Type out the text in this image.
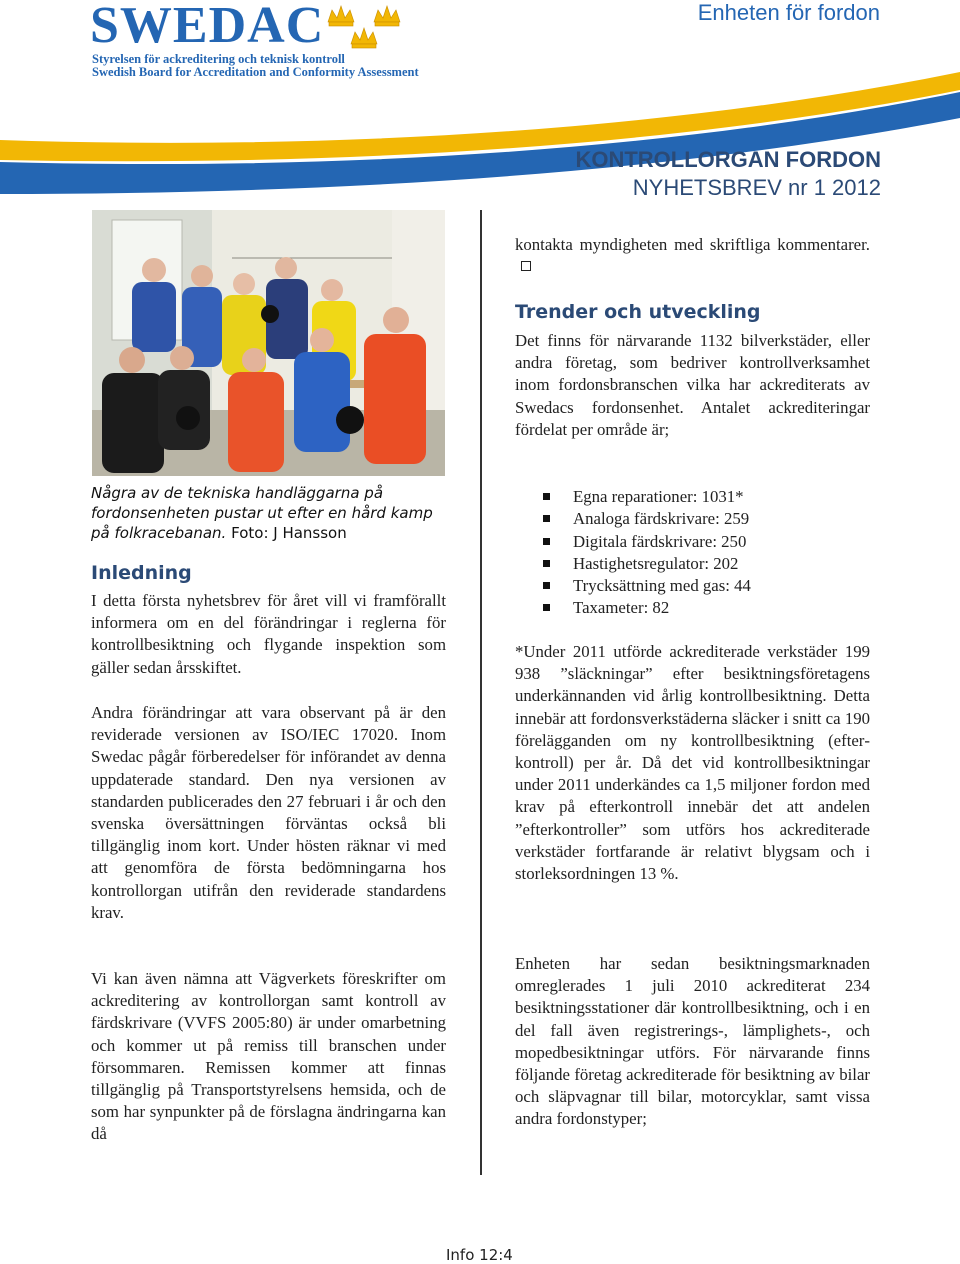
SWEDAC
Styrelsen för ackreditering och teknisk kontroll
Swedish Board for Accreditation and Conformity Assessment
Enheten för fordon
KONTROLLORGAN FORDON
NYHETSBREV nr 1 2012
Några av de tekniska handläggarna på fordonsenheten pustar ut efter en hård kamp på folkracebanan. Foto: J Hansson
Inledning

I detta första nyhetsbrev för året vill vi framförallt informera om en del förändringar i reglerna för kontrollbesiktning och flygande inspektion som gäller sedan årsskiftet.

Andra förändringar att vara observant på är den reviderade versionen av ISO/IEC 17020. Inom Swedac pågår förberedelser för införandet av denna uppdaterade standard. Den nya versionen av standarden publicerades den 27 februari i år och den svenska översättningen förväntas också bli tillgänglig inom kort. Under hösten räknar vi med att genomföra de första bedömningarna hos kontrollorgan utifrån den reviderade standardens krav.

Vi kan även nämna att Vägverkets föreskrifter om ackreditering av kontrollorgan samt kontroll av färdskrivare (VVFS 2005:80) är under omarbetning och kommer ut på remiss till branschen under försommaren. Remissen kommer att finnas tillgänglig på Transportstyrelsens hemsida, och de som har synpunkter på de förslagna ändringarna kan då

kontakta myndigheten med skriftliga kommentarer.

Trender och utveckling

Det finns för närvarande 1132 bilverkstäder, eller andra företag, som bedriver kontrollverksamhet inom fordonsbranschen vilka har ackrediterats av Swedacs fordonsenhet. Antalet ackrediteringar fördelat per område är;

Egna reparationer: 1031*
Analoga färdskrivare: 259
Digitala färdskrivare: 250
Hastighetsregulator: 202
Trycksättning med gas: 44
Taxameter: 82

*Under 2011 utförde ackrediterade verkstäder 199 938 ”släckningar” efter besiktningsföretagens underkännanden vid årlig kontrollbesiktning. Detta innebär att fordonsverkstäderna släcker i snitt ca 190 förelägganden om ny kontrollbesiktning (efterkontroll) per år. Då det vid kontrollbesiktningar under 2011 underkändes ca 1,5 miljoner fordon med krav på efterkontroll innebär det att andelen ”efterkontroller” som utförs hos ackrediterade verkstäder fortfarande är relativt blygsam och i storleksordningen 13 %.

Enheten har sedan besiktningsmarknaden omreglerades 1 juli 2010 ackrediterat 234 besiktningsstationer där kontrollbesiktning, och i en del fall även registrerings-, lämplighets-, och mopedbesiktningar utförs. För närvarande finns följande företag ackrediterade för besiktning av bilar och släpvagnar till bilar, motorcyklar, samt vissa andra fordonstyper;

Info 12:4
